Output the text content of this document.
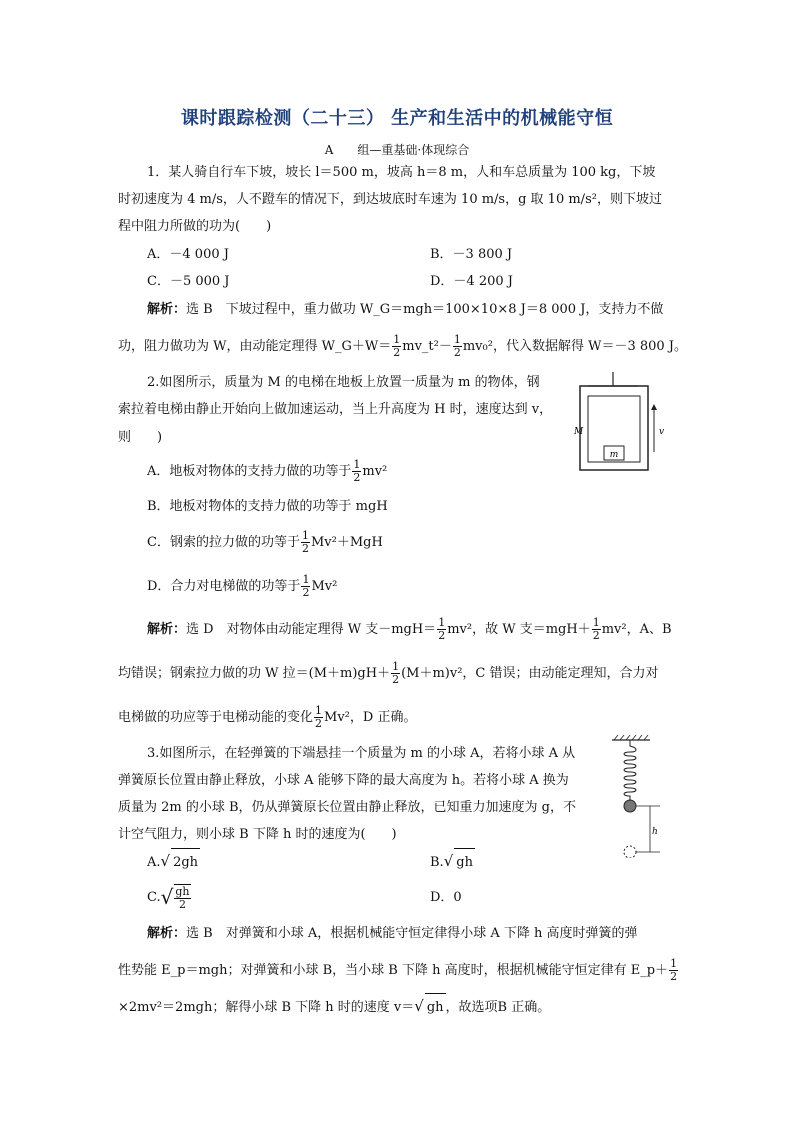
课时跟踪检测（二十三） 生产和生活中的机械能守恒
A　　组—重基础·体现综合
1．某人骑自行车下坡，坡长 l＝500 m，坡高 h＝8 m，人和车总质量为 100 kg，下坡
时初速度为 4 m/s，人不蹬车的情况下，到达坡底时车速为 10 m/s，g 取 10 m/s²，则下坡过
程中阻力所做的功为(　　)
A．－4 000 J	B．－3 800 J
C．－5 000 J	D．－4 200 J
解析：选 B　下坡过程中，重力做功 W_G＝mgh＝100×10×8 J＝8 000 J，支持力不做
功，阻力做功为 W，由动能定理得 W_G＋W＝ $\frac{1}{2}$ mv_t²－ $\frac{1}{2} mv_0^2$，代入数据解得 W＝－3 800 J。
2.如图所示，质量为 M 的电梯在地板上放置一质量为 m 的物体，钢
索拉着电梯由静止开始向上做加速运动，当上升高度为 H 时，速度达到 v，
则　　)
m
M	v
A．地板对物体的支持力做的功等于 $\frac{1}{2} mv^2$
B．地板对物体的支持力做的功等于 mgH
C．钢索的拉力做的功等于 $\frac{1}{2} Mv^2+MgH$
D．合力对电梯做的功等于 $\frac{1}{2} Mv^2$
解析：选 D　对物体由动能定理得 W 支$-mgH= \frac{1}{2} mv^2$，故 W 支$=mgH+ \frac{1}{2} mv^2$，A、B
均错误；钢索拉力做的功 W 拉$=(M+m)gH+ \frac{1}{2} (M+m)v^2$，C 错误；由动能定理知，合力对
电梯做的功应等于电梯动能的变化 $\frac{1}{2} Mv^2$，D 正确。
3.如图所示，在轻弹簧的下端悬挂一个质量为 m 的小球 A，若将小球 A 从
弹簧原长位置由静止释放，小球 A 能够下降的最大高度为 h。若将小球 A 换为
质量为 2m 的小球 B，仍从弹簧原长位置由静止释放，已知重力加速度为 g，不
计空气阻力，则小球 B 下降 h 时的速度为(　　)	h
A.√ 2gh	B.√ gh
$C.√ \frac{gh}{2}$	D．0
解析：选 B　对弹簧和小球 A，根据机械能守恒定律得小球 A 下降 h 高度时弹簧的弹
性势能 E_p＝mgh；对弹簧和小球 B，当小球 B 下降 h 高度时，根据机械能守恒定律有 E_p＋ $\frac{1}{2}$
×2mv²＝2mgh；解得小球 B 下降 h 时的速度 v＝√ gh ，故选项B 正确。
